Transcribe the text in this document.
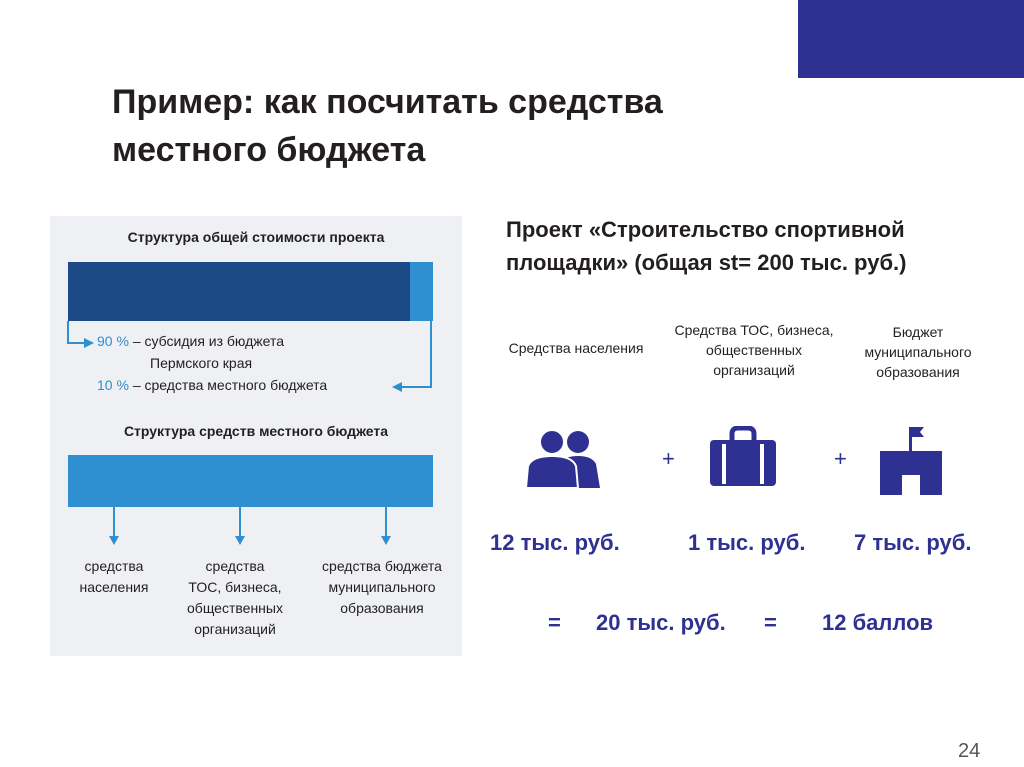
Пример: как посчитать средства
местного бюджета
Структура общей стоимости проекта
90 % – субсидия из бюджета
Пермского края
10 % – средства местного бюджета
Структура средств местного бюджета
средства
населения
средства
ТОС, бизнеса,
общественных
организаций
средства бюджета
муниципального
образования
Проект «Строительство спортивной
площадки» (общая st= 200 тыс. руб.)
Средства населения
Средства ТОС, бизнеса,
общественных
организаций
Бюджет
муниципального
образования
+	+
12 тыс. руб.	1 тыс. руб. 7 тыс. руб.
= 20 тыс. руб. = 12 баллов
24
